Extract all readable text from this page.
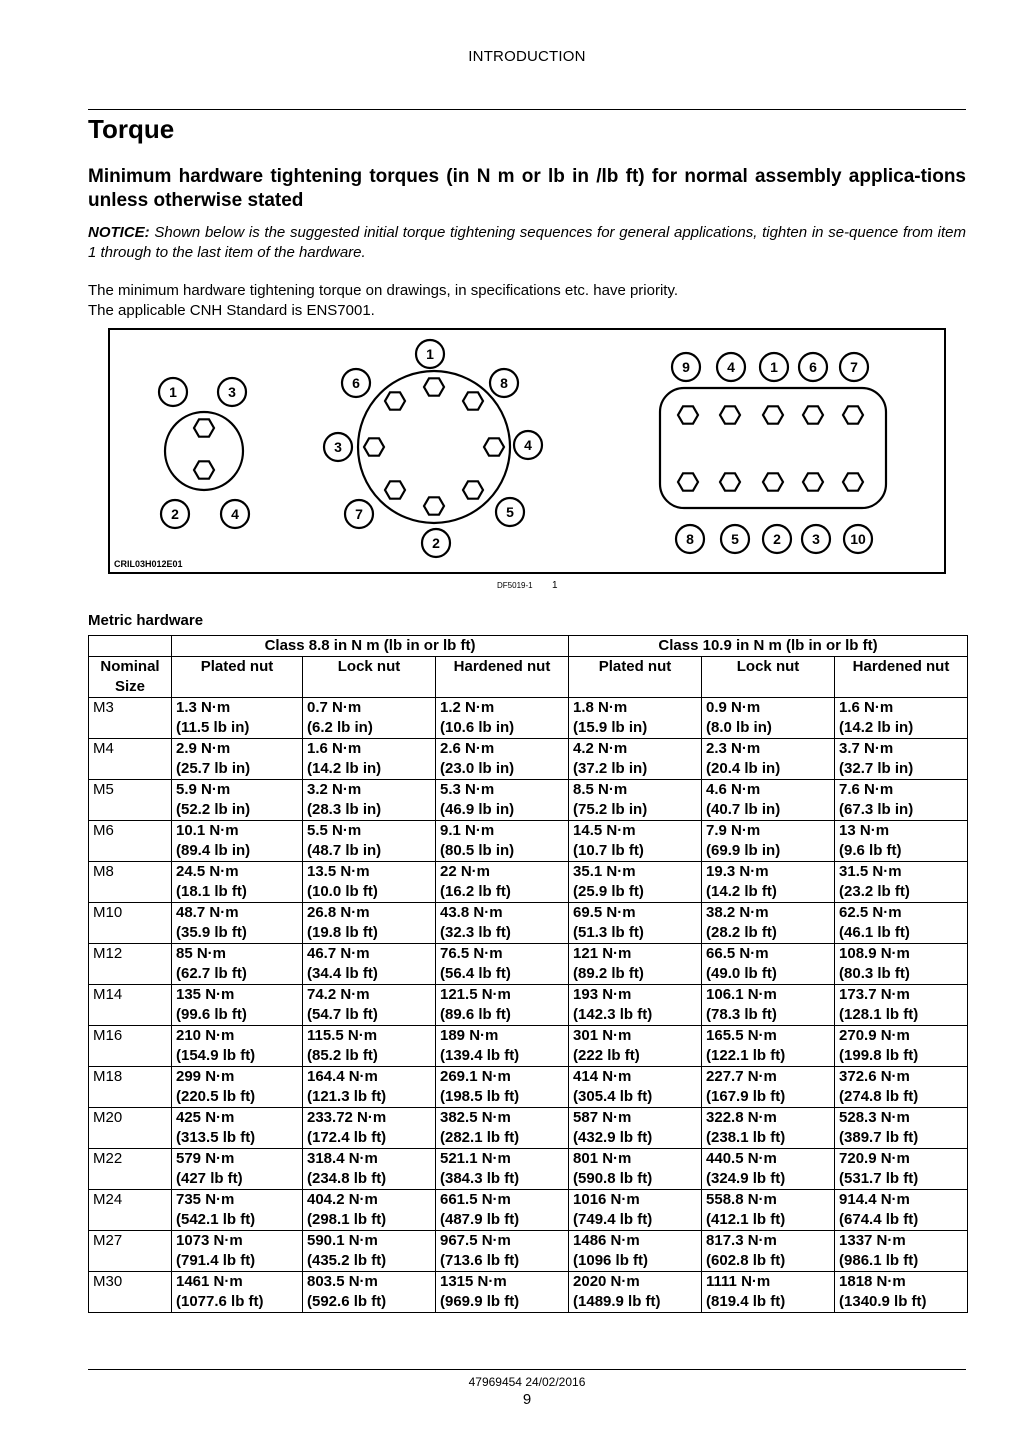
INTRODUCTION
Torque
Minimum hardware tightening torques (in N m or lb in /lb ft) for normal assembly applica-tions unless otherwise stated
NOTICE: Shown below is the suggested initial torque tightening sequences for general applications, tighten in se-quence from item 1 through to the last item of the hardware.
The minimum hardware tightening torque on drawings, in specifications etc. have priority.
The applicable CNH Standard is ENS7001.
1	3
2	4
1
8
4
5
2
7
3
6
9	4	1 6 7
8	5 2 3 10
CRIL03H012E01
DF5019-1 1
Metric hardware
	Class 8.8 in N m (lb in or lb ft)			Class 10.9 in N m (lb in or lb ft)		
Nominal Size	Plated nut	Lock nut	Hardened nut	Plated nut	Lock nut	Hardened nut
M3	1.3 N·m
(11.5 lb in)	0.7 N·m
(6.2 lb in)	1.2 N·m
(10.6 lb in)	1.8 N·m
(15.9 lb in)	0.9 N·m
(8.0 lb in)	1.6 N·m
(14.2 lb in)

M4	2.9 N·m
(25.7 lb in)	1.6 N·m
(14.2 lb in)	2.6 N·m
(23.0 lb in)	4.2 N·m
(37.2 lb in)	2.3 N·m
(20.4 lb in)	3.7 N·m
(32.7 lb in)

M5	5.9 N·m
(52.2 lb in)	3.2 N·m
(28.3 lb in)	5.3 N·m
(46.9 lb in)	8.5 N·m
(75.2 lb in)	4.6 N·m
(40.7 lb in)	7.6 N·m
(67.3 lb in)

M6	10.1 N·m
(89.4 lb in)	5.5 N·m
(48.7 lb in)	9.1 N·m
(80.5 lb in)	14.5 N·m
(10.7 lb ft)	7.9 N·m
(69.9 lb in)	13 N·m
(9.6 lb ft)

M8	24.5 N·m
(18.1 lb ft)	13.5 N·m
(10.0 lb ft)	22 N·m
(16.2 lb ft)	35.1 N·m
(25.9 lb ft)	19.3 N·m
(14.2 lb ft)	31.5 N·m
(23.2 lb ft)

M10	48.7 N·m
(35.9 lb ft)	26.8 N·m
(19.8 lb ft)	43.8 N·m
(32.3 lb ft)	69.5 N·m
(51.3 lb ft)	38.2 N·m
(28.2 lb ft)	62.5 N·m
(46.1 lb ft)

M12	85 N·m
(62.7 lb ft)	46.7 N·m
(34.4 lb ft)	76.5 N·m
(56.4 lb ft)	121 N·m
(89.2 lb ft)	66.5 N·m
(49.0 lb ft)	108.9 N·m
(80.3 lb ft)

M14	135 N·m
(99.6 lb ft)	74.2 N·m
(54.7 lb ft)	121.5 N·m
(89.6 lb ft)	193 N·m
(142.3 lb ft)	106.1 N·m
(78.3 lb ft)	173.7 N·m
(128.1 lb ft)

M16	210 N·m
(154.9 lb ft)	115.5 N·m
(85.2 lb ft)	189 N·m
(139.4 lb ft)	301 N·m
(222 lb ft)	165.5 N·m
(122.1 lb ft)	270.9 N·m
(199.8 lb ft)

M18	299 N·m
(220.5 lb ft)	164.4 N·m
(121.3 lb ft)	269.1 N·m
(198.5 lb ft)	414 N·m
(305.4 lb ft)	227.7 N·m
(167.9 lb ft)	372.6 N·m
(274.8 lb ft)

M20	425 N·m
(313.5 lb ft)	233.72 N·m
(172.4 lb ft)	382.5 N·m
(282.1 lb ft)	587 N·m
(432.9 lb ft)	322.8 N·m
(238.1 lb ft)	528.3 N·m
(389.7 lb ft)

M22	579 N·m
(427 lb ft)	318.4 N·m
(234.8 lb ft)	521.1 N·m
(384.3 lb ft)	801 N·m
(590.8 lb ft)	440.5 N·m
(324.9 lb ft)	720.9 N·m
(531.7 lb ft)

M24	735 N·m
(542.1 lb ft)	404.2 N·m
(298.1 lb ft)	661.5 N·m
(487.9 lb ft)	1016 N·m
(749.4 lb ft)	558.8 N·m
(412.1 lb ft)	914.4 N·m
(674.4 lb ft)

M27	1073 N·m
(791.4 lb ft)	590.1 N·m
(435.2 lb ft)	967.5 N·m
(713.6 lb ft)	1486 N·m
(1096 lb ft)	817.3 N·m
(602.8 lb ft)	1337 N·m
(986.1 lb ft)

M30	1461 N·m
(1077.6 lb ft)	803.5 N·m
(592.6 lb ft)	1315 N·m
(969.9 lb ft)	2020 N·m
(1489.9 lb ft)	1111 N·m
(819.4 lb ft)	1818 N·m
(1340.9 lb ft)
47969454 24/02/2016
9
